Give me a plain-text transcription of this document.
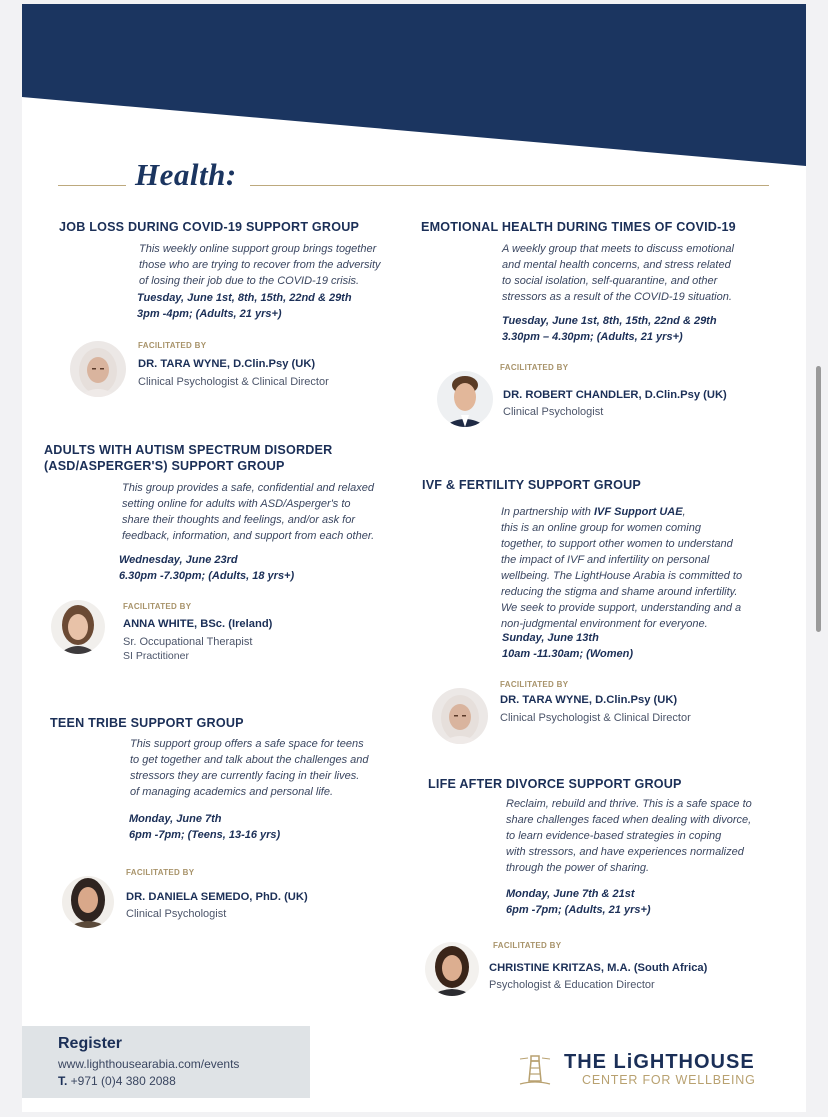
Health:
JOB LOSS DURING COVID-19 SUPPORT GROUP
This weekly online support group brings together
those who are trying to recover from the adversity
of losing their job due to the COVID-19 crisis.
Tuesday, June 1st, 8th, 15th, 22nd & 29th
3pm -4pm; (Adults, 21 yrs+)
FACILITATED BY
DR. TARA WYNE, D.Clin.Psy (UK)
Clinical Psychologist & Clinical Director
ADULTS WITH AUTISM SPECTRUM DISORDER
(ASD/ASPERGER'S) SUPPORT GROUP
This group provides a safe, confidential and relaxed
setting online for adults with ASD/Asperger's to
share their thoughts and feelings, and/or ask for
feedback, information, and support from each other.
Wednesday, June 23rd
6.30pm -7.30pm; (Adults, 18 yrs+)
FACILITATED BY
ANNA WHITE, BSc. (Ireland)
Sr. Occupational Therapist
SI Practitioner
TEEN TRIBE SUPPORT GROUP
This support group offers a safe space for teens
to get together and talk about the challenges and
stressors they are currently facing in their lives.
of managing academics and personal life.
Monday, June 7th
6pm -7pm; (Teens, 13-16 yrs)
FACILITATED BY
DR. DANIELA SEMEDO, PhD. (UK)
Clinical Psychologist
EMOTIONAL HEALTH DURING TIMES OF COVID-19
A weekly group that meets to discuss emotional
and mental health concerns, and stress related
to social isolation, self-quarantine, and other
stressors as a result of the COVID-19 situation.
Tuesday, June 1st, 8th, 15th, 22nd & 29th
3.30pm – 4.30pm; (Adults, 21 yrs+)
FACILITATED BY
DR. ROBERT CHANDLER, D.Clin.Psy (UK)
Clinical Psychologist
IVF & FERTILITY SUPPORT GROUP
In partnership with IVF Support UAE,
this is an online group for women coming
together, to support other women to understand
the impact of IVF and infertility on personal
wellbeing. The LightHouse Arabia is committed to
reducing the stigma and shame around infertility.
We seek to provide support, understanding and a
non-judgmental environment for everyone.
Sunday, June 13th
10am -11.30am; (Women)
FACILITATED BY
DR. TARA WYNE, D.Clin.Psy (UK)
Clinical Psychologist & Clinical Director
LIFE AFTER DIVORCE SUPPORT GROUP
Reclaim, rebuild and thrive. This is a safe space to
share challenges faced when dealing with divorce,
to learn evidence-based strategies in coping
with stressors, and have experiences normalized
through the power of sharing.
Monday, June 7th & 21st
6pm -7pm; (Adults, 21 yrs+)
FACILITATED BY
CHRISTINE KRITZAS, M.A. (South Africa)
Psychologist & Education Director
Register
www.lighthousearabia.com/events
T. +971 (0)4 380 2088
THE LiGHTHOUSE
CENTER FOR WELLBEING
